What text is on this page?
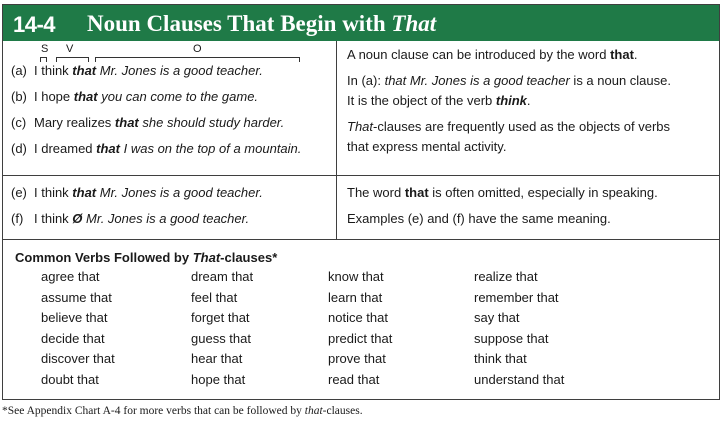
14-4 Noun Clauses That Begin with That
S V	O
(a) I think that Mr. Jones is a good teacher.
(b) I hope that you can come to the game.
(c) Mary realizes that she should study harder.
(d) I dreamed that I was on the top of a mountain.
A noun clause can be introduced by the word that.
In (a): that Mr. Jones is a good teacher is a noun clause.
It is the object of the verb think.
That-clauses are frequently used as the objects of verbs
that express mental activity.
(e) I think that Mr. Jones is a good teacher.
(f) I think Ø Mr. Jones is a good teacher.
The word that is often omitted, especially in speaking.
Examples (e) and (f) have the same meaning.
Common Verbs Followed by That-clauses*
agree that
assume that
believe that
decide that
discover that
doubt that
dream that
feel that
forget that
guess that
hear that
hope that
know that
learn that
notice that
predict that
prove that
read that
realize that
remember that
say that
suppose that
think that
understand that
*See Appendix Chart A-4 for more verbs that can be followed by that-clauses.
